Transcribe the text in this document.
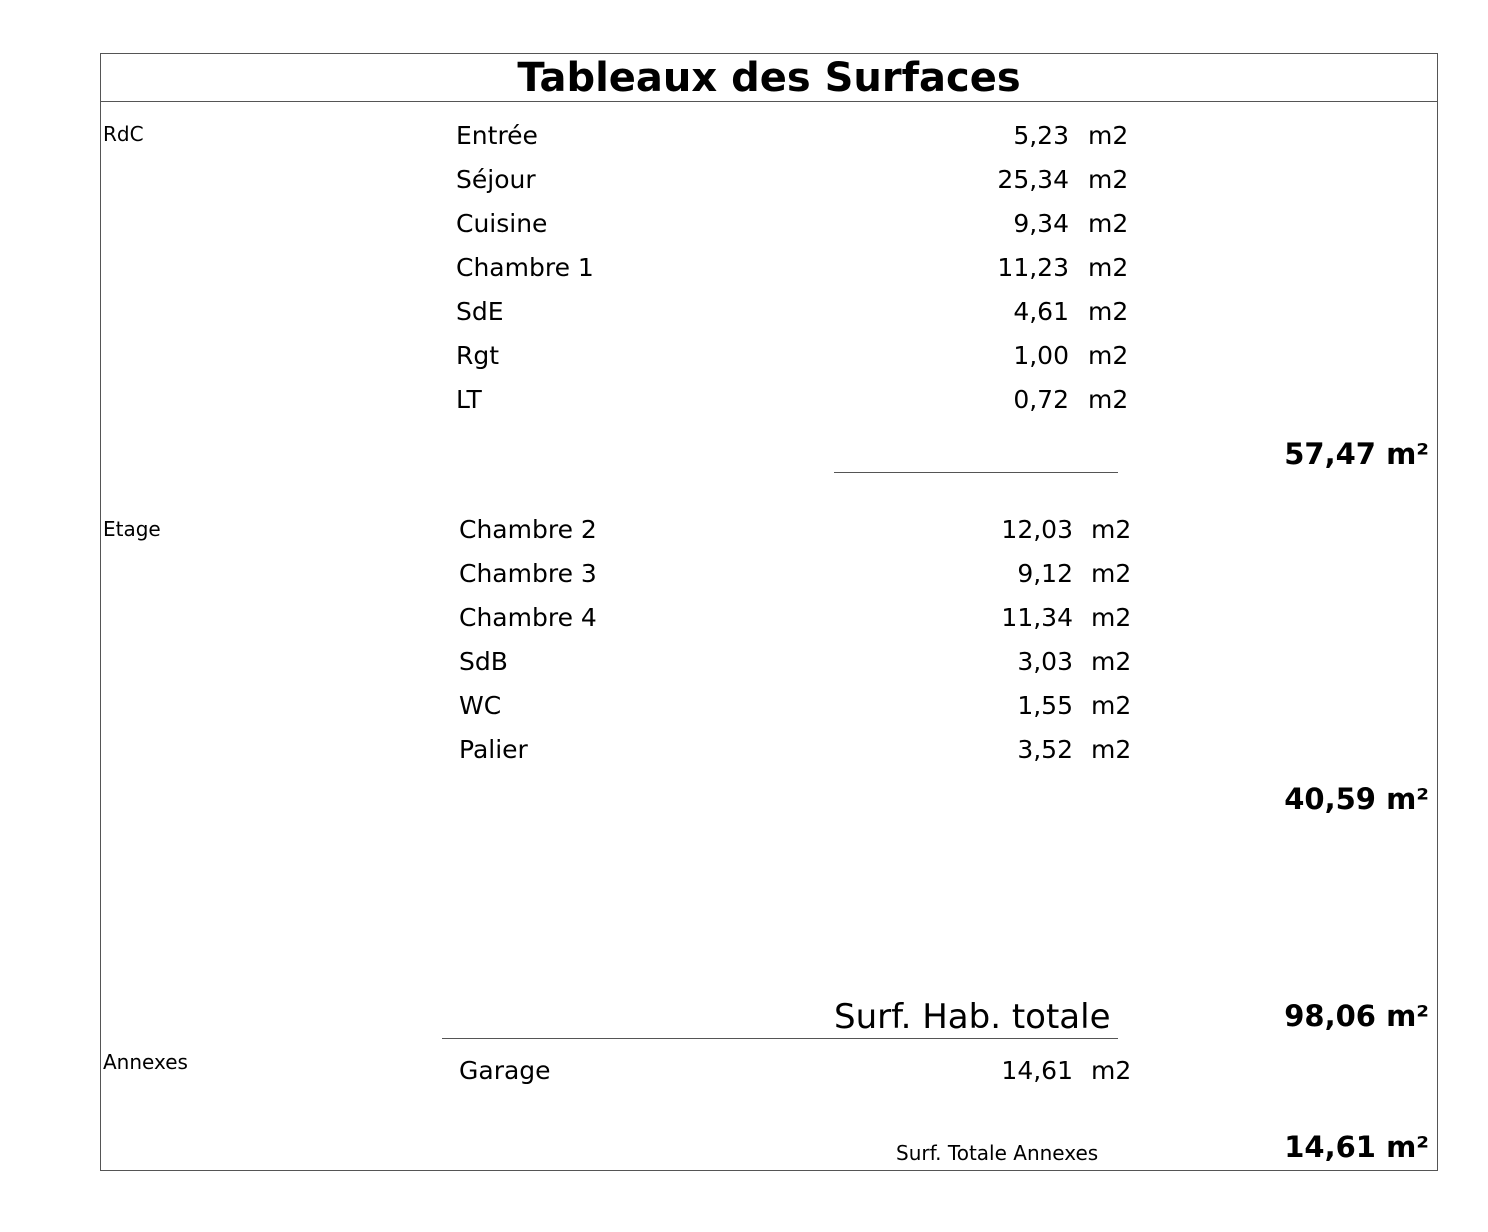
Tableaux des Surfaces
RdC	Entrée	5,23 m2
Séjour	25,34 m2
Cuisine	9,34 m2
Chambre 1	11,23 m2
SdE	4,61 m2
Rgt	1,00 m2
LT	0,72 m2
57,47 m²
Etage	Chambre 2	12,03 m2
Chambre 3	9,12 m2
Chambre 4	11,34 m2
SdB	3,03 m2
WC	1,55 m2
Palier	3,52 m2
40,59 m²
Surf. Hab. totale	98,06 m²
Annexes	Garage	14,61 m2
Surf. Totale Annexes	14,61 m²
